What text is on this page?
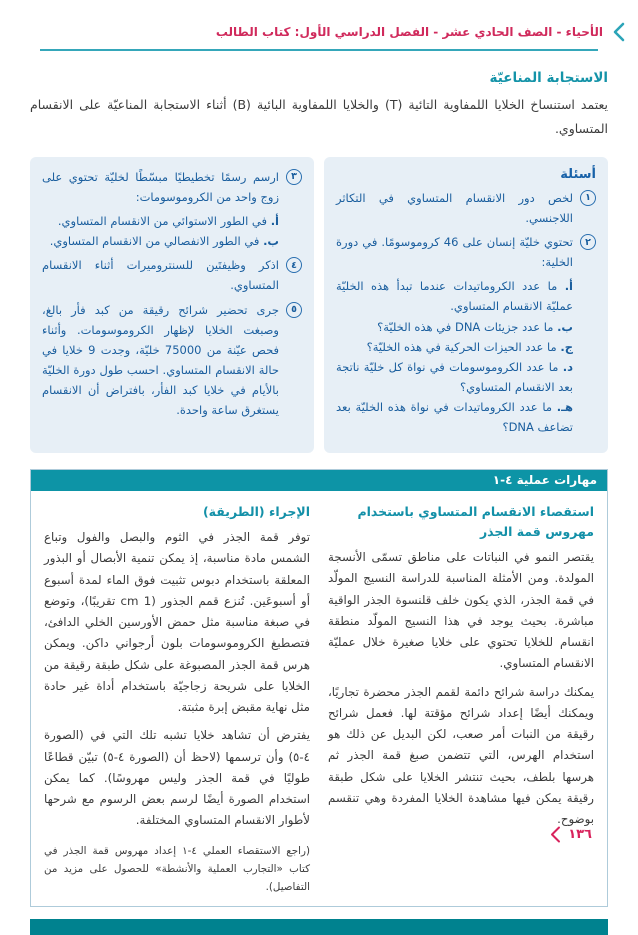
الأحياء - الصف الحادي عشر - الفصل الدراسي الأول: كتاب الطالب
الاستجابة المناعيّة

يعتمد استنساخ الخلايا اللمفاوية التائية (T) والخلايا اللمفاوية البائية (B) أثناء الاستجابة المناعيّة على الانقسام المتساوي.

أسئلة
١
لخص دور الانقسام المتساوي في التكاثر اللاجنسي.
٢
تحتوي خليّة إنسان على 46 كروموسومًا. في دورة الخلية:
أ. ما عدد الكروماتيدات عندما تبدأ هذه الخليّة عمليّة الانقسام المتساوي.
ب. ما عدد جزيئات DNA في هذه الخليّة؟
ج. ما عدد الحيزات الحركية في هذه الخليّة؟
د. ما عدد الكروموسومات في نواة كل خليّة ناتجة بعد الانقسام المتساوي؟
هـ. ما عدد الكروماتيدات في نواة هذه الخليّة بعد تضاعف DNA؟
٣
ارسم رسمًا تخطيطيًا مبسّطًا لخليّة تحتوي على زوج واحد من الكروموسومات:
أ. في الطور الاستوائي من الانقسام المتساوي.
ب. في الطور الانفصالي من الانقسام المتساوي.
٤
اذكر وظيفتَين للسنتروميرات أثناء الانقسام المتساوي.
٥
جرى تحضير شرائح رقيقة من كبد فأر بالغ، وصبغت الخلايا لإظهار الكروموسومات. وأثناء فحص عيّنة من 75000 خليّة، وجدت 9 خلايا في حالة الانقسام المتساوي. احسب طول دورة الخليّة بالأيام في خلايا كبد الفأر، بافتراض أن الانقسام يستغرق ساعة واحدة.
مهارات عملية ٤-١
استقصاء الانقسام المتساوي باستخدام مهروس قمة الجذر

يقتصر النمو في النباتات على مناطق تسمّى الأنسجة المولدة. ومن الأمثلة المناسبة للدراسة النسيج المولّد في قمة الجذر، الذي يكون خلف قلنسوة الجذر الواقية مباشرة. بحيث يوجد في هذا النسيج المولّد منطقة انقسام للخلايا تحتوي على خلايا صغيرة خلال عمليّة الانقسام المتساوي.

يمكنك دراسة شرائح دائمة لقمم الجذر محضرة تجاريًا، ويمكنك أيضًا إعداد شرائح مؤقتة لها. فعمل شرائح رقيقة من النبات أمر صعب، لكن البديل عن ذلك هو استخدام الهرس، التي تتضمن صبغ قمة الجذر ثم هرسها بلطف، بحيث تنتشر الخلايا على شكل طبقة رقيقة يمكن فيها مشاهدة الخلايا المفردة وهي تنقسم بوضوح.

الإجراء (الطريقة)

توفر قمة الجذر في الثوم والبصل والفول وتباع الشمس مادة مناسبة، إذ يمكن تنمية الأبصال أو البذور المعلقة باستخدام دبوس تثبيت فوق الماء لمدة أسبوع أو أسبوعَين. تُنزع قمم الجذور (cm 1 تقريبًا)، وتوضع في صبغة مناسبة مثل حمض الأورسين الخلي الدافئ، فتصطبغ الكروموسومات بلون أرجواني داكن. ويمكن هرس قمة الجذر المصبوغة على شكل طبقة رقيقة من الخلايا على شريحة زجاجيّة باستخدام أداة غير حادة مثل نهاية مقبض إبرة مثبتة.

يفترض أن تشاهد خلايا تشبه تلك التي في (الصورة ٤-٥) وأن ترسمها (لاحظ أن (الصورة ٤-٥) تبيّن قطاعًا طوليًا في قمة الجذر وليس مهروسًا). كما يمكن استخدام الصورة أيضًا لرسم بعض الرسوم مع شرحها لأطوار الانقسام المتساوي المختلفة.

(راجع الاستقصاء العملي ٤-١ إعداد مهروس قمة الجذر في كتاب «التجارب العملية والأنشطة» للحصول على مزيد من التفاصيل).

١٣٦
